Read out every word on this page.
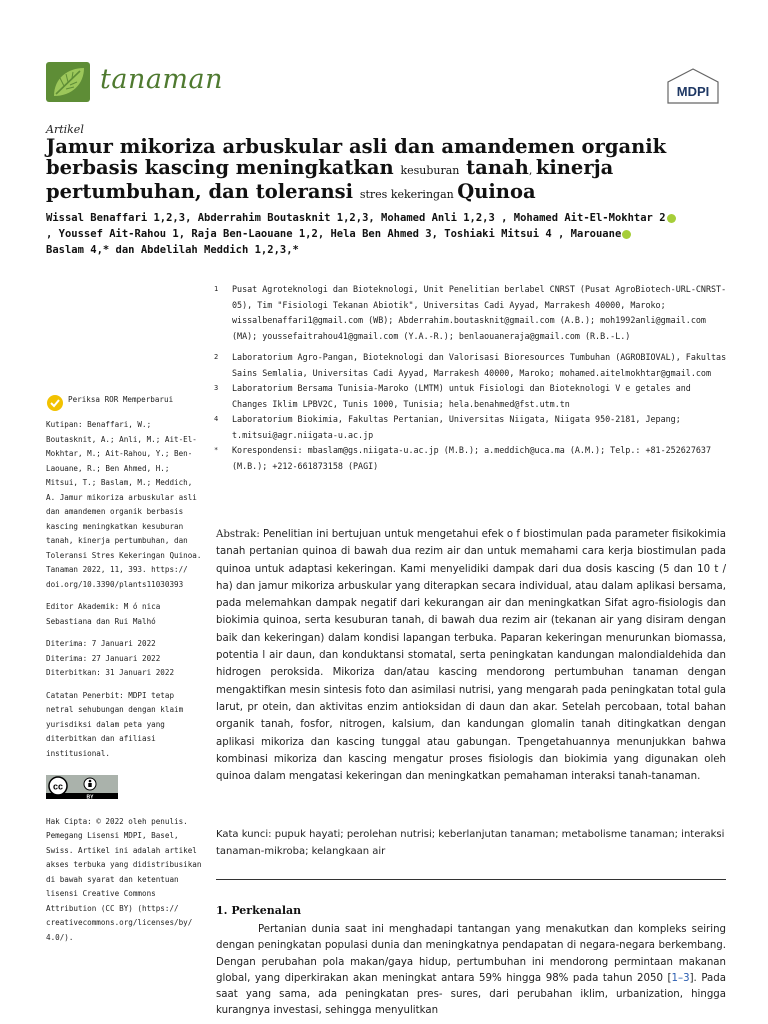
tanaman	MDPI
Artikel
Jamur mikoriza arbuskular asli dan amandemen organik berbasis kascing meningkatkan kesuburan tanah, kinerja pertumbuhan, dan toleransi stres kekeringan Quinoa
Wissal Benaffari 1,2,3, Abderrahim Boutasknit 1,2,3, Mohamed Anli 1,2,3 , Mohamed Ait-El-Mokhtar 2
, Youssef Ait-Rahou 1, Raja Ben-Laouane 1,2, Hela Ben Ahmed 3, Toshiaki Mitsui 4 , Marouane
Baslam 4,* dan Abdelilah Meddich 1,2,3,*
1	Pusat Agroteknologi dan Bioteknologi, Unit Penelitian berlabel CNRST (Pusat AgroBiotech-URL-CNRST-05), Tim "Fisiologi Tekanan Abiotik", Universitas Cadi Ayyad, Marrakesh 40000, Maroko; wissalbenaffari1@gmail.com (WB); Abderrahim.boutasknit@gmail.com (A.B.); moh1992anli@gmail.com (MA); youssefaitrahou41@gmail.com (Y.A.-R.); benlaouaneraja@gmail.com (R.B.-L.)
2	Laboratorium Agro-Pangan, Bioteknologi dan Valorisasi Bioresources Tumbuhan (AGROBIOVAL), Fakultas Sains Semlalia, Universitas Cadi Ayyad, Marrakesh 40000, Maroko; mohamed.aitelmokhtar@gmail.com
3	Laboratorium Bersama Tunisia-Maroko (LMTM) untuk Fisiologi dan Bioteknologi V e getales and Changes Iklim LPBV2C, Tunis 1000, Tunisia; hela.benahmed@fst.utm.tn
4	Laboratorium Biokimia, Fakultas Pertanian, Universitas Niigata, Niigata 950-2181, Jepang; t.mitsui@agr.niigata-u.ac.jp
*	Korespondensi: mbaslam@gs.niigata-u.ac.jp (M.B.); a.meddich@uca.ma (A.M.); Telp.: +81-252627637 (M.B.); +212-661873158 (PAGI)
Periksa ROR Memperbarui
Kutipan: Benaffari, W.; Boutasknit, A.; Anli, M.; Ait-El-Mokhtar, M.; Ait-Rahou, Y.; Ben-Laouane, R.; Ben Ahmed, H.; Mitsui, T.; Baslam, M.; Meddich, A. Jamur mikoriza arbuskular asli dan amandemen organik berbasis kascing meningkatkan kesuburan tanah, kinerja pertumbuhan, dan Toleransi Stres Kekeringan Quinoa. Tanaman 2022, 11, 393. https:// doi.org/10.3390/plants11030393
Editor Akademik: M ó nica Sebastiana dan Rui Malhó
Diterima: 7 Januari 2022
Diterima: 27 Januari 2022
Diterbitkan: 31 Januari 2022
Catatan Penerbit: MDPI tetap netral sehubungan dengan klaim yurisdiksi dalam peta yang diterbitkan dan afiliasi institusional.
cc
BY
Hak Cipta: © 2022 oleh penulis. Pemegang Lisensi MDPI, Basel, Swiss. Artikel ini adalah artikel akses terbuka yang didistribusikan di bawah syarat dan ketentuan lisensi Creative Commons Attribution (CC BY) (https:// creativecommons.org/licenses/by/ 4.0/).
Abstrak: Penelitian ini bertujuan untuk mengetahui efek o f biostimulan pada parameter fisikokimia tanah pertanian quinoa di bawah dua rezim air dan untuk memahami cara kerja biostimulan pada quinoa untuk adaptasi kekeringan. Kami menyelidiki dampak dari dua dosis kascing (5 dan 10 t / ha) dan jamur mikoriza arbuskular yang diterapkan secara individual, atau dalam aplikasi bersama, pada melemahkan dampak negatif dari kekurangan air dan meningkatkan Sifat agro-fisiologis dan biokimia quinoa, serta kesuburan tanah, di bawah dua rezim air (tekanan air yang disiram dengan baik dan kekeringan) dalam kondisi lapangan terbuka. Paparan kekeringan menurunkan biomassa, potentia l air daun, dan konduktansi stomatal, serta peningkatan kandungan malondialdehida dan hidrogen peroksida. Mikoriza dan/atau kascing mendorong pertumbuhan tanaman dengan mengaktifkan mesin sintesis foto dan asimilasi nutrisi, yang mengarah pada peningkatan total gula larut, pr otein, dan aktivitas enzim antioksidan di daun dan akar. Setelah percobaan, total bahan organik tanah, fosfor, nitrogen, kalsium, dan kandungan glomalin tanah ditingkatkan dengan aplikasi mikoriza dan kascing tunggal atau gabungan. Tpengetahuannya menunjukkan bahwa kombinasi mikoriza dan kascing mengatur proses fisiologis dan biokimia yang digunakan oleh quinoa dalam mengatasi kekeringan dan meningkatkan pemahaman interaksi tanah-tanaman.
Kata kunci: pupuk hayati; perolehan nutrisi; keberlanjutan tanaman; metabolisme tanaman; interaksi tanaman-mikroba; kelangkaan air
1. Perkenalan
Pertanian dunia saat ini menghadapi tantangan yang menakutkan dan kompleks seiring dengan peningkatan populasi dunia dan meningkatnya pendapatan di negara-negara berkembang. Dengan perubahan pola makan/gaya hidup, pertumbuhan ini mendorong permintaan makanan global, yang diperkirakan akan meningkat antara 59% hingga 98% pada tahun 2050 [1–3]. Pada saat yang sama, ada peningkatan pres- sures, dari perubahan iklim, urbanization, hingga kurangnya investasi, sehingga menyulitkan
